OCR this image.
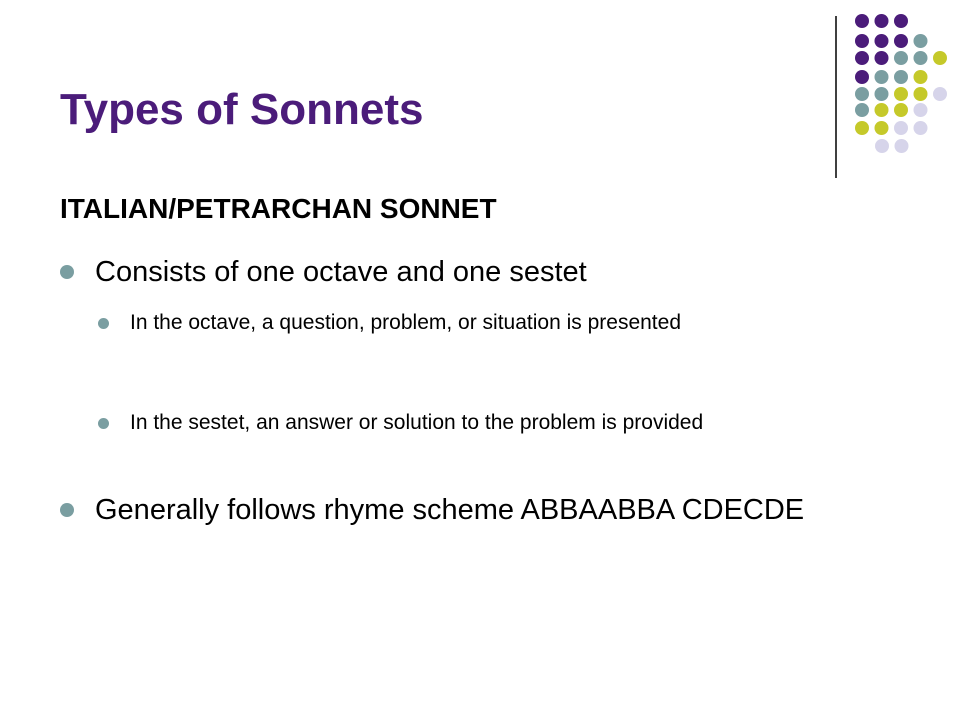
Types of Sonnets
ITALIAN/PETRARCHAN SONNET
Consists of one octave and one sestet
In the octave, a question, problem, or situation is presented
In the sestet, an answer or solution to the problem is provided
Generally follows rhyme scheme ABBAABBA CDECDE
